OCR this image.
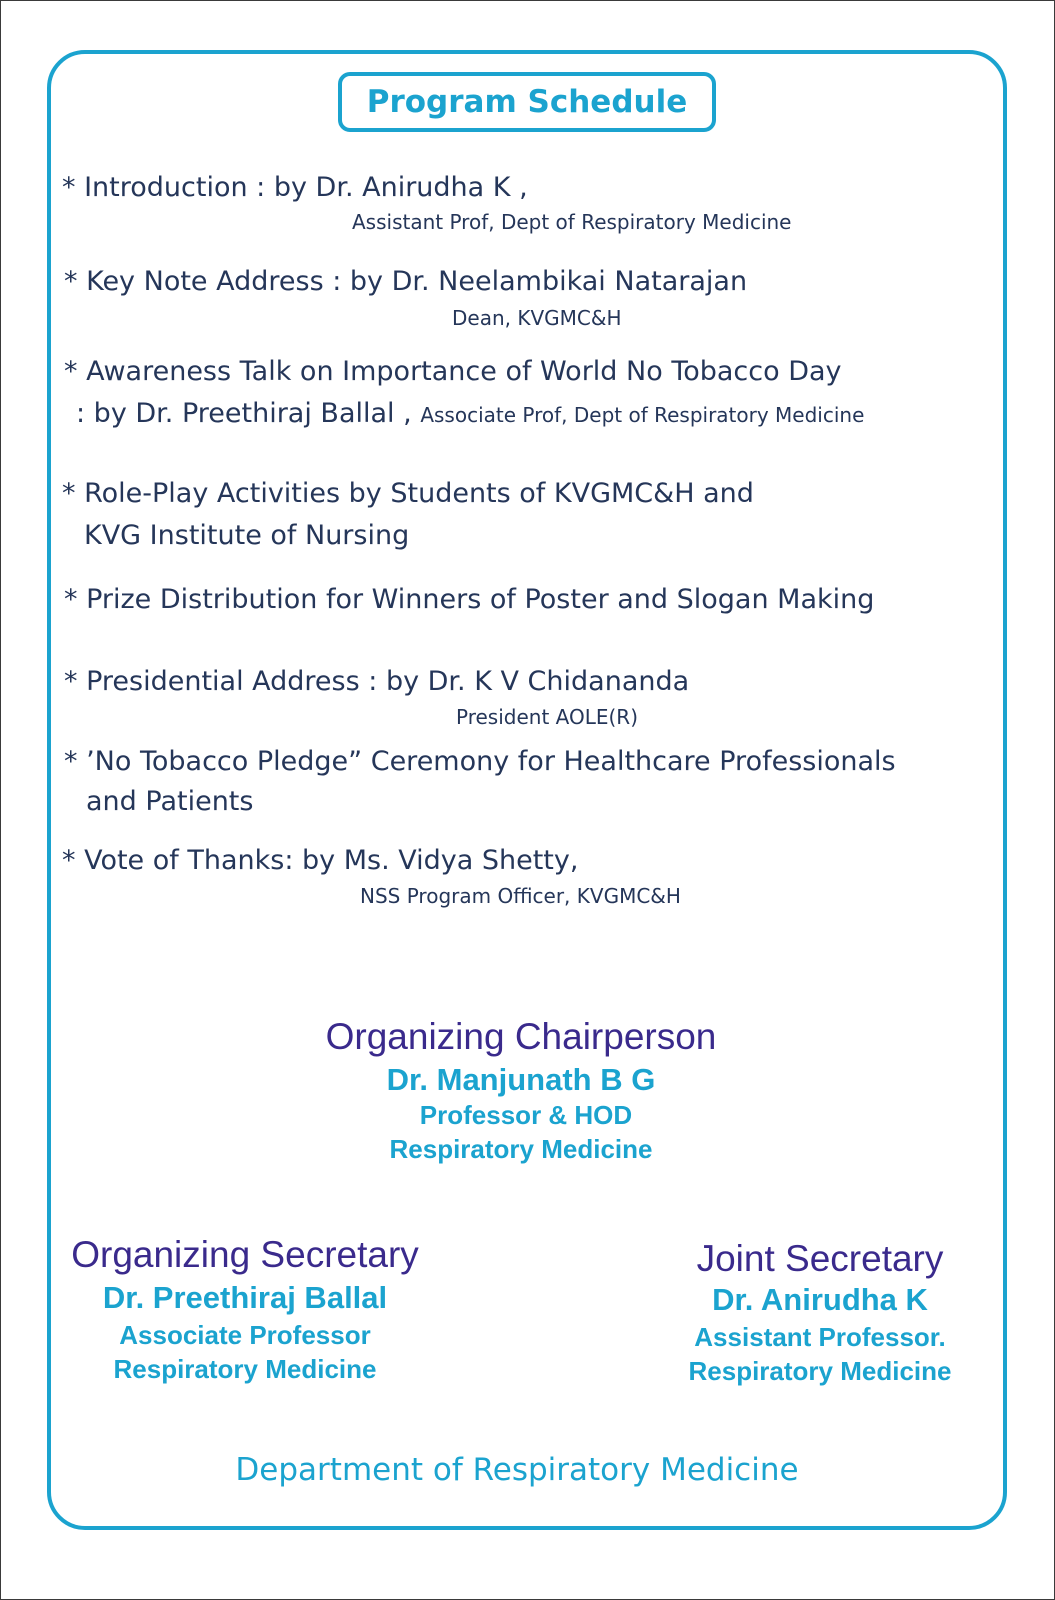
Program Schedule
* Introduction : by Dr. Anirudha K ,
Assistant Prof, Dept of Respiratory Medicine
* Key Note Address : by Dr. Neelambikai Natarajan
Dean, KVGMC&H
* Awareness Talk on Importance of World No Tobacco Day
: by Dr. Preethiraj Ballal , Associate Prof, Dept of Respiratory Medicine
* Role-Play Activities by Students of KVGMC&H and
KVG Institute of Nursing
* Prize Distribution for Winners of Poster and Slogan Making
* Presidential Address : by Dr. K V Chidananda
President AOLE(R)
* ’No Tobacco Pledge” Ceremony for Healthcare Professionals
and Patients
* Vote of Thanks: by Ms. Vidya Shetty,
NSS Program Officer, KVGMC&H
Organizing Chairperson
Dr. Manjunath B G
Professor & HOD
Respiratory Medicine
Organizing Secretary
Dr. Preethiraj Ballal
Associate Professor
Respiratory Medicine
Joint Secretary
Dr. Anirudha K
Assistant Professor.
Respiratory Medicine
Department of Respiratory Medicine
